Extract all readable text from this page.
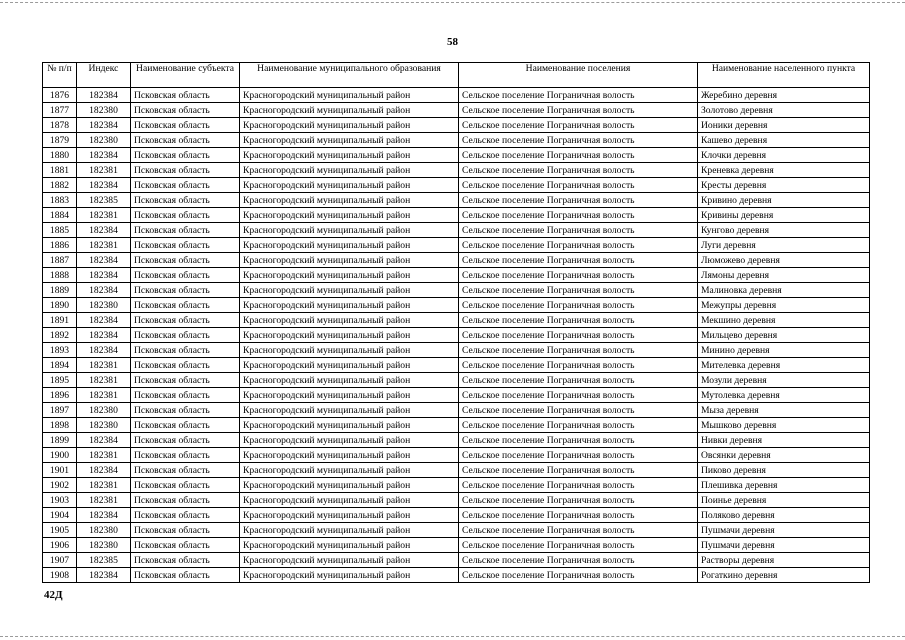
58
№ п/п	Индекс	Наименование субъекта	Наименование муниципального образования	Наименование поселения	Наименование населенного пункта
1876	182384	Псковская область	Красногородский муниципальный район	Сельское поселение Пограничная волость	Жеребино деревня
1877	182380	Псковская область	Красногородский муниципальный район	Сельское поселение Пограничная волость	Золотово деревня
1878	182384	Псковская область	Красногородский муниципальный район	Сельское поселение Пограничная волость	Ионики деревня
1879	182380	Псковская область	Красногородский муниципальный район	Сельское поселение Пограничная волость	Кашево деревня
1880	182384	Псковская область	Красногородский муниципальный район	Сельское поселение Пограничная волость	Клочки деревня
1881	182381	Псковская область	Красногородский муниципальный район	Сельское поселение Пограничная волость	Креневка деревня
1882	182384	Псковская область	Красногородский муниципальный район	Сельское поселение Пограничная волость	Кресты деревня
1883	182385	Псковская область	Красногородский муниципальный район	Сельское поселение Пограничная волость	Кривино деревня
1884	182381	Псковская область	Красногородский муниципальный район	Сельское поселение Пограничная волость	Кривины деревня
1885	182384	Псковская область	Красногородский муниципальный район	Сельское поселение Пограничная волость	Кунгово деревня
1886	182381	Псковская область	Красногородский муниципальный район	Сельское поселение Пограничная волость	Луги деревня
1887	182384	Псковская область	Красногородский муниципальный район	Сельское поселение Пограничная волость	Люможево деревня
1888	182384	Псковская область	Красногородский муниципальный район	Сельское поселение Пограничная волость	Лямоны деревня
1889	182384	Псковская область	Красногородский муниципальный район	Сельское поселение Пограничная волость	Малиновка деревня
1890	182380	Псковская область	Красногородский муниципальный район	Сельское поселение Пограничная волость	Межупры деревня
1891	182384	Псковская область	Красногородский муниципальный район	Сельское поселение Пограничная волость	Мекшино деревня
1892	182384	Псковская область	Красногородский муниципальный район	Сельское поселение Пограничная волость	Мильцево деревня
1893	182384	Псковская область	Красногородский муниципальный район	Сельское поселение Пограничная волость	Минино деревня
1894	182381	Псковская область	Красногородский муниципальный район	Сельское поселение Пограничная волость	Мителевка деревня
1895	182381	Псковская область	Красногородский муниципальный район	Сельское поселение Пограничная волость	Мозули деревня
1896	182381	Псковская область	Красногородский муниципальный район	Сельское поселение Пограничная волость	Мутолевка деревня
1897	182380	Псковская область	Красногородский муниципальный район	Сельское поселение Пограничная волость	Мыза деревня
1898	182380	Псковская область	Красногородский муниципальный район	Сельское поселение Пограничная волость	Мышково деревня
1899	182384	Псковская область	Красногородский муниципальный район	Сельское поселение Пограничная волость	Нивки деревня
1900	182381	Псковская область	Красногородский муниципальный район	Сельское поселение Пограничная волость	Овсянки деревня
1901	182384	Псковская область	Красногородский муниципальный район	Сельское поселение Пограничная волость	Пиково деревня
1902	182381	Псковская область	Красногородский муниципальный район	Сельское поселение Пограничная волость	Плешивка деревня
1903	182381	Псковская область	Красногородский муниципальный район	Сельское поселение Пограничная волость	Поинье деревня
1904	182384	Псковская область	Красногородский муниципальный район	Сельское поселение Пограничная волость	Поляково деревня
1905	182380	Псковская область	Красногородский муниципальный район	Сельское поселение Пограничная волость	Пушмачи деревня
1906	182380	Псковская область	Красногородский муниципальный район	Сельское поселение Пограничная волость	Пушмачи деревня
1907	182385	Псковская область	Красногородский муниципальный район	Сельское поселение Пограничная волость	Растворы деревня
1908	182384	Псковская область	Красногородский муниципальный район	Сельское поселение Пограничная волость	Рогаткино деревня
42Д
